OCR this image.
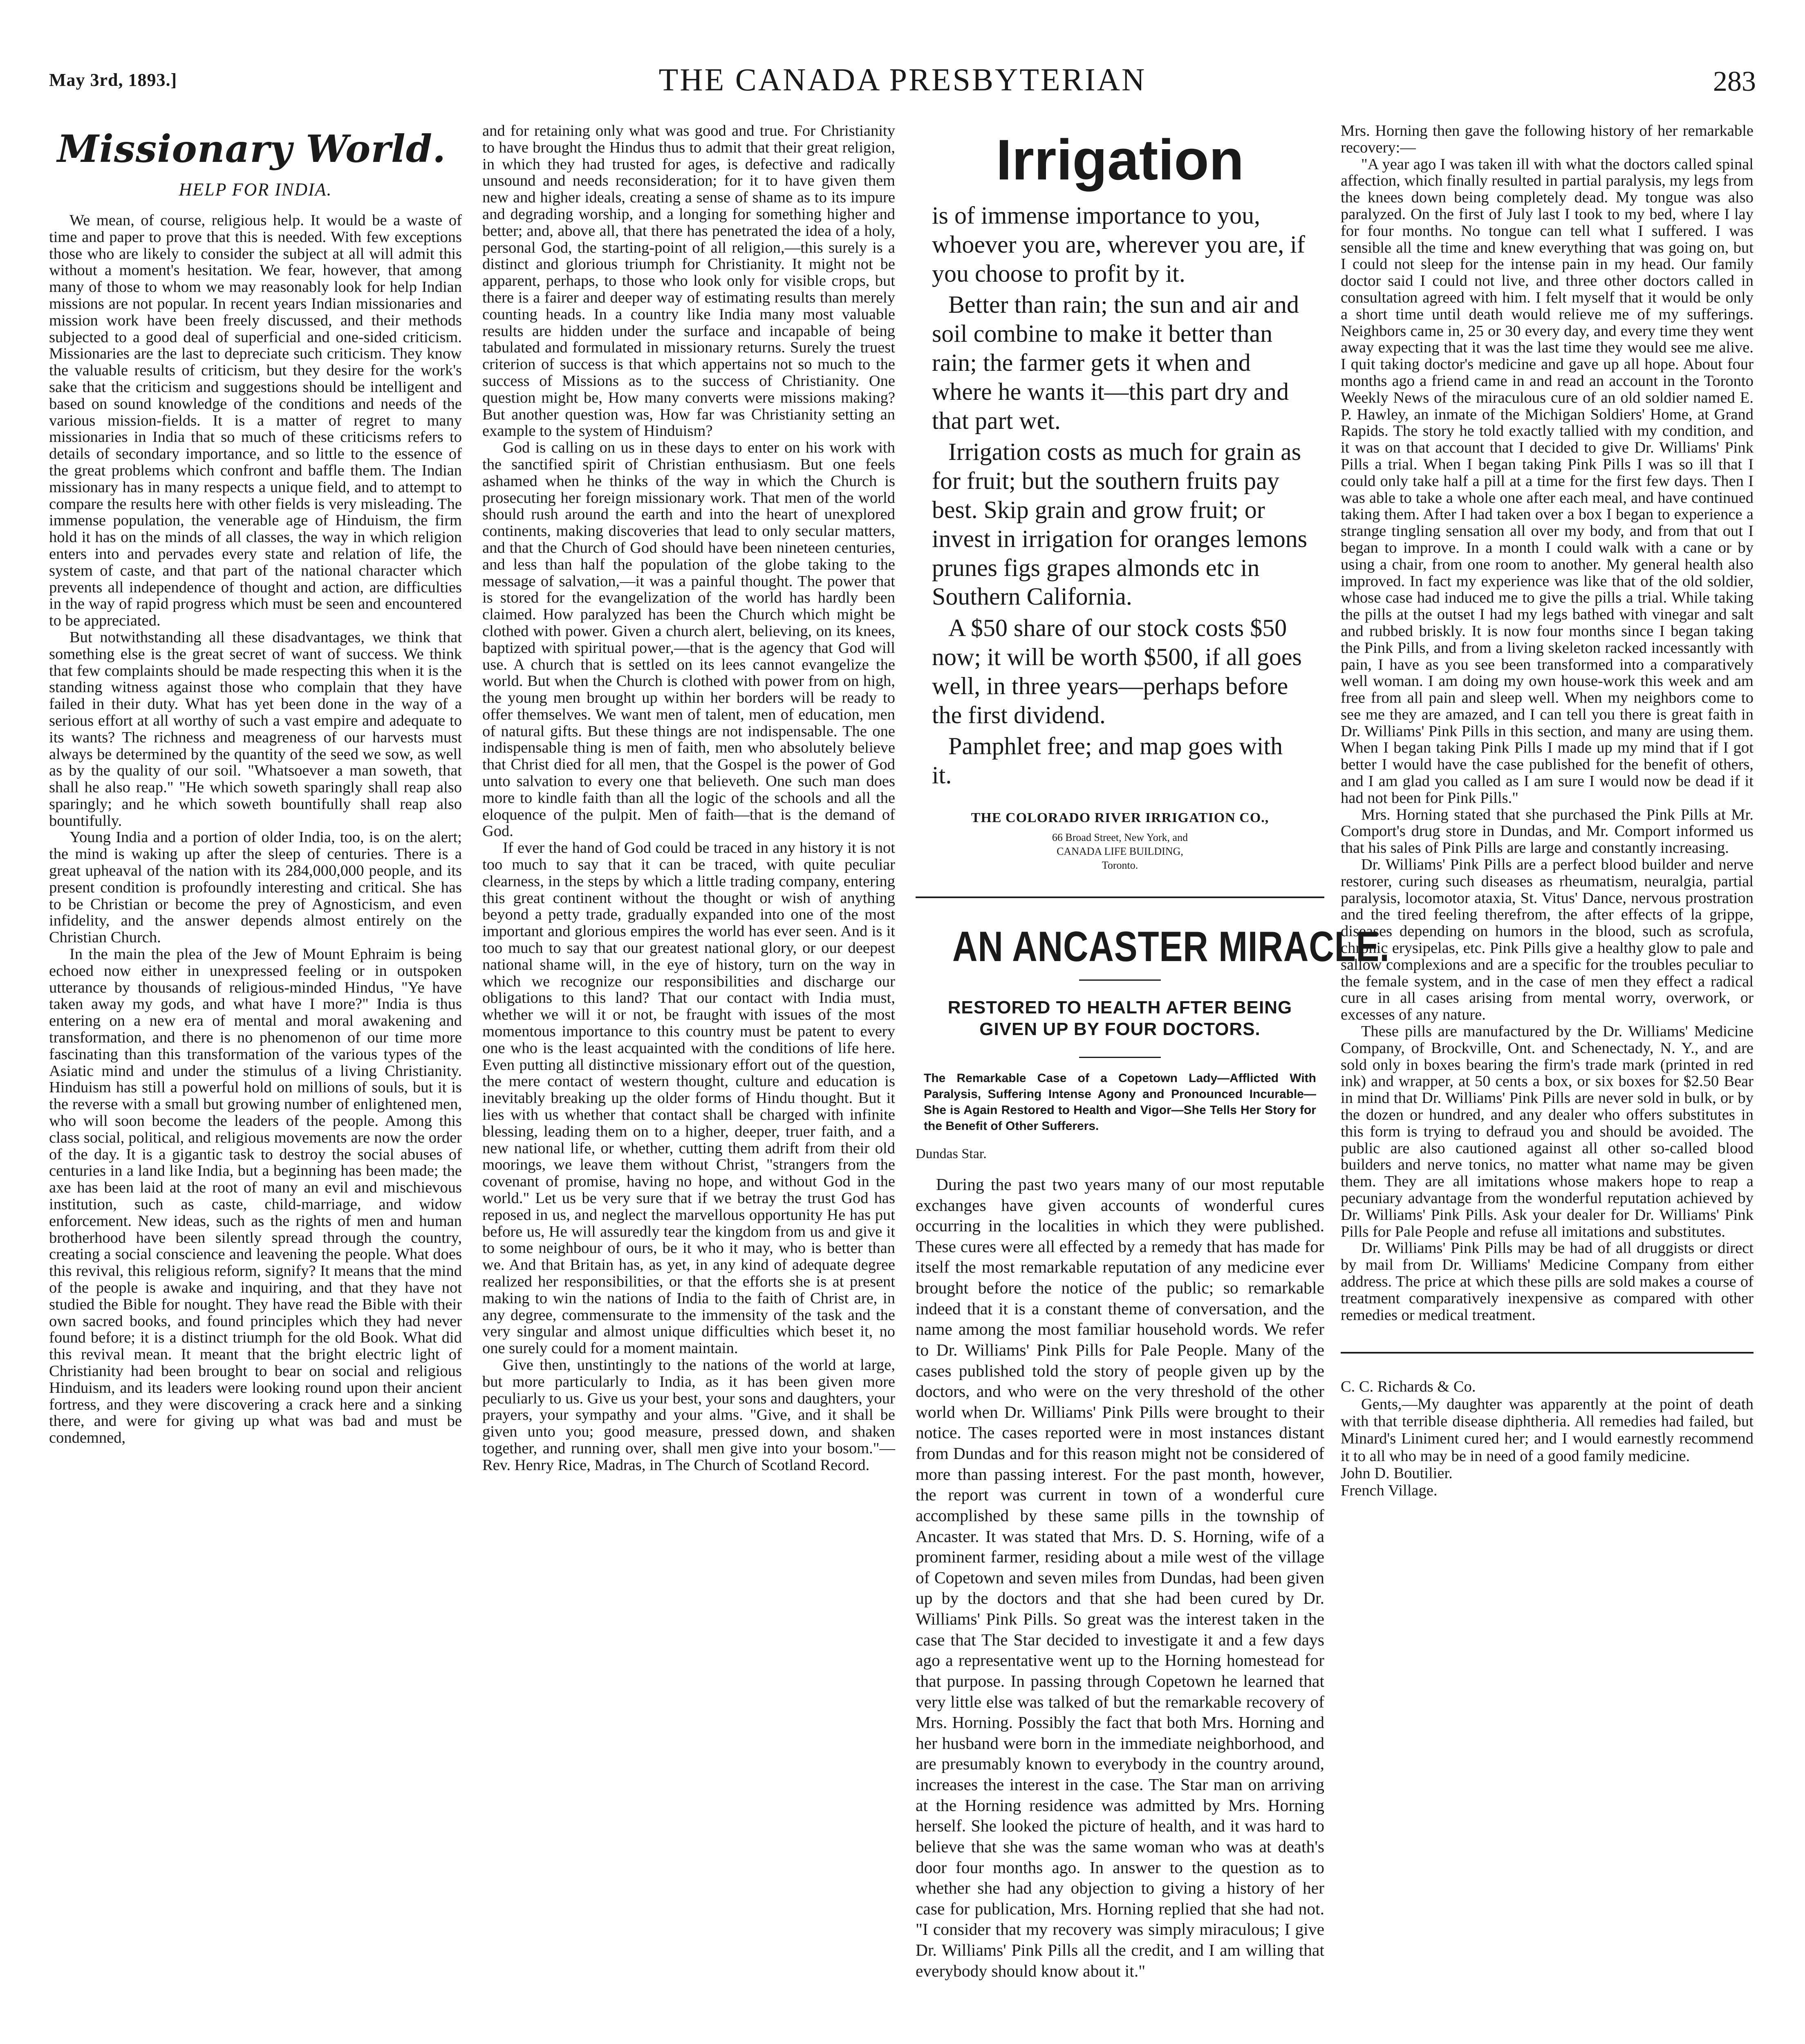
May 3rd, 1893.]	THE CANADA PRESBYTERIAN	283
Missionary World.
HELP FOR INDIA.

We mean, of course, religious help. It would be a waste of time and paper to prove that this is needed. With few exceptions those who are likely to consider the subject at all will admit this without a moment's hesitation. We fear, however, that among many of those to whom we may reasonably look for help Indian missions are not popular. In recent years Indian missionaries and mission work have been freely discussed, and their methods subjected to a good deal of superficial and one-sided criticism. Missionaries are the last to depreciate such criticism. They know the valuable results of criticism, but they desire for the work's sake that the criticism and suggestions should be intelligent and based on sound knowledge of the conditions and needs of the various mission-fields. It is a matter of regret to many missionaries in India that so much of these criticisms refers to details of secondary importance, and so little to the essence of the great problems which confront and baffle them. The Indian missionary has in many respects a unique field, and to attempt to compare the results here with other fields is very misleading. The immense population, the venerable age of Hinduism, the firm hold it has on the minds of all classes, the way in which religion enters into and pervades every state and relation of life, the system of caste, and that part of the national character which prevents all independence of thought and action, are difficulties in the way of rapid progress which must be seen and encountered to be appreciated.

But notwithstanding all these disadvantages, we think that something else is the great secret of want of success. We think that few complaints should be made respecting this when it is the standing witness against those who complain that they have failed in their duty. What has yet been done in the way of a serious effort at all worthy of such a vast empire and adequate to its wants? The richness and meagreness of our harvests must always be determined by the quantity of the seed we sow, as well as by the quality of our soil. "Whatsoever a man soweth, that shall he also reap." "He which soweth sparingly shall reap also sparingly; and he which soweth bountifully shall reap also bountifully.

Young India and a portion of older India, too, is on the alert; the mind is waking up after the sleep of centuries. There is a great upheaval of the nation with its 284,000,000 people, and its present condition is profoundly interesting and critical. She has to be Christian or become the prey of Agnosticism, and even infidelity, and the answer depends almost entirely on the Christian Church.

In the main the plea of the Jew of Mount Ephraim is being echoed now either in unexpressed feeling or in outspoken utterance by thousands of religious-minded Hindus, "Ye have taken away my gods, and what have I more?" India is thus entering on a new era of mental and moral awakening and transformation, and there is no phenomenon of our time more fascinating than this transformation of the various types of the Asiatic mind and under the stimulus of a living Christianity. Hinduism has still a powerful hold on millions of souls, but it is the reverse with a small but growing number of enlightened men, who will soon become the leaders of the people. Among this class social, political, and religious movements are now the order of the day. It is a gigantic task to destroy the social abuses of centuries in a land like India, but a beginning has been made; the axe has been laid at the root of many an evil and mischievous institution, such as caste, child-marriage, and widow enforcement. New ideas, such as the rights of men and human brotherhood have been silently spread through the country, creating a social conscience and leavening the people. What does this revival, this religious reform, signify? It means that the mind of the people is awake and inquiring, and that they have not studied the Bible for nought. They have read the Bible with their own sacred books, and found principles which they had never found before; it is a distinct triumph for the old Book. What did this revival mean. It meant that the bright electric light of Christianity had been brought to bear on social and religious Hinduism, and its leaders were looking round upon their ancient fortress, and they were discovering a crack here and a sinking there, and were for giving up what was bad and must be condemned,

and for retaining only what was good and true. For Christianity to have brought the Hindus thus to admit that their great religion, in which they had trusted for ages, is defective and radically unsound and needs reconsideration; for it to have given them new and higher ideals, creating a sense of shame as to its impure and degrading worship, and a longing for something higher and better; and, above all, that there has penetrated the idea of a holy, personal God, the starting-point of all religion,—this surely is a distinct and glorious triumph for Christianity. It might not be apparent, perhaps, to those who look only for visible crops, but there is a fairer and deeper way of estimating results than merely counting heads. In a country like India many most valuable results are hidden under the surface and incapable of being tabulated and formulated in missionary returns. Surely the truest criterion of success is that which appertains not so much to the success of Missions as to the success of Christianity. One question might be, How many converts were missions making? But another question was, How far was Christianity setting an example to the system of Hinduism?

God is calling on us in these days to enter on his work with the sanctified spirit of Christian enthusiasm. But one feels ashamed when he thinks of the way in which the Church is prosecuting her foreign missionary work. That men of the world should rush around the earth and into the heart of unexplored continents, making discoveries that lead to only secular matters, and that the Church of God should have been nineteen centuries, and less than half the population of the globe taking to the message of salvation,—it was a painful thought. The power that is stored for the evangelization of the world has hardly been claimed. How paralyzed has been the Church which might be clothed with power. Given a church alert, believing, on its knees, baptized with spiritual power,—that is the agency that God will use. A church that is settled on its lees cannot evangelize the world. But when the Church is clothed with power from on high, the young men brought up within her borders will be ready to offer themselves. We want men of talent, men of education, men of natural gifts. But these things are not indispensable. The one indispensable thing is men of faith, men who absolutely believe that Christ died for all men, that the Gospel is the power of God unto salvation to every one that believeth. One such man does more to kindle faith than all the logic of the schools and all the eloquence of the pulpit. Men of faith—that is the demand of God.

If ever the hand of God could be traced in any history it is not too much to say that it can be traced, with quite peculiar clearness, in the steps by which a little trading company, entering this great continent without the thought or wish of anything beyond a petty trade, gradually expanded into one of the most important and glorious empires the world has ever seen. And is it too much to say that our greatest national glory, or our deepest national shame will, in the eye of history, turn on the way in which we recognize our responsibilities and discharge our obligations to this land? That our contact with India must, whether we will it or not, be fraught with issues of the most momentous importance to this country must be patent to every one who is the least acquainted with the conditions of life here. Even putting all distinctive missionary effort out of the question, the mere contact of western thought, culture and education is inevitably breaking up the older forms of Hindu thought. But it lies with us whether that contact shall be charged with infinite blessing, leading them on to a higher, deeper, truer faith, and a new national life, or whether, cutting them adrift from their old moorings, we leave them without Christ, "strangers from the covenant of promise, having no hope, and without God in the world." Let us be very sure that if we betray the trust God has reposed in us, and neglect the marvellous opportunity He has put before us, He will assuredly tear the kingdom from us and give it to some neighbour of ours, be it who it may, who is better than we. And that Britain has, as yet, in any kind of adequate degree realized her responsibilities, or that the efforts she is at present making to win the nations of India to the faith of Christ are, in any degree, commensurate to the immensity of the task and the very singular and almost unique difficulties which beset it, no one surely could for a moment maintain.

Give then, unstintingly to the nations of the world at large, but more particularly to India, as it has been given more peculiarly to us. Give us your best, your sons and daughters, your prayers, your sympathy and your alms. "Give, and it shall be given unto you; good measure, pressed down, and shaken together, and running over, shall men give into your bosom."—Rev. Henry Rice, Madras, in The Church of Scotland Record.

Irrigation

is of immense importance to you, whoever you are, wherever you are, if you choose to profit by it.

Better than rain; the sun and air and soil combine to make it better than rain; the farmer gets it when and where he wants it—this part dry and that part wet.

Irrigation costs as much for grain as for fruit; but the southern fruits pay best. Skip grain and grow fruit; or invest in irrigation for oranges lemons prunes figs grapes almonds etc in Southern California.

A $50 share of our stock costs $50 now; it will be worth $500, if all goes well, in three years—perhaps before the first dividend.

Pamphlet free; and map goes with it.

THE COLORADO RIVER IRRIGATION CO.,
66 Broad Street, New York, and
CANADA LIFE BUILDING,
Toronto.
AN ANCASTER MIRACLE.
RESTORED TO HEALTH AFTER BEING GIVEN UP BY FOUR DOCTORS.
The Remarkable Case of a Copetown Lady—Afflicted With Paralysis, Suffering Intense Agony and Pronounced Incurable—She is Again Restored to Health and Vigor—She Tells Her Story for the Benefit of Other Sufferers.
Dundas Star.

During the past two years many of our most reputable exchanges have given accounts of wonderful cures occurring in the localities in which they were published. These cures were all effected by a remedy that has made for itself the most remarkable reputation of any medicine ever brought before the notice of the public; so remarkable indeed that it is a constant theme of conversation, and the name among the most familiar household words. We refer to Dr. Williams' Pink Pills for Pale People. Many of the cases published told the story of people given up by the doctors, and who were on the very threshold of the other world when Dr. Williams' Pink Pills were brought to their notice. The cases reported were in most instances distant from Dundas and for this reason might not be considered of more than passing interest. For the past month, however, the report was current in town of a wonderful cure accomplished by these same pills in the township of Ancaster. It was stated that Mrs. D. S. Horning, wife of a prominent farmer, residing about a mile west of the village of Copetown and seven miles from Dundas, had been given up by the doctors and that she had been cured by Dr. Williams' Pink Pills. So great was the interest taken in the case that The Star decided to investigate it and a few days ago a representative went up to the Horning homestead for that purpose. In passing through Copetown he learned that very little else was talked of but the remarkable recovery of Mrs. Horning. Possibly the fact that both Mrs. Horning and her husband were born in the immediate neighborhood, and are presumably known to everybody in the country around, increases the interest in the case. The Star man on arriving at the Horning residence was admitted by Mrs. Horning herself. She looked the picture of health, and it was hard to believe that she was the same woman who was at death's door four months ago. In answer to the question as to whether she had any objection to giving a history of her case for publication, Mrs. Horning replied that she had not. "I consider that my recovery was simply miraculous; I give Dr. Williams' Pink Pills all the credit, and I am willing that everybody should know about it."

Mrs. Horning then gave the following history of her remarkable recovery:—

"A year ago I was taken ill with what the doctors called spinal affection, which finally resulted in partial paralysis, my legs from the knees down being completely dead. My tongue was also paralyzed. On the first of July last I took to my bed, where I lay for four months. No tongue can tell what I suffered. I was sensible all the time and knew everything that was going on, but I could not sleep for the intense pain in my head. Our family doctor said I could not live, and three other doctors called in consultation agreed with him. I felt myself that it would be only a short time until death would relieve me of my sufferings. Neighbors came in, 25 or 30 every day, and every time they went away expecting that it was the last time they would see me alive. I quit taking doctor's medicine and gave up all hope. About four months ago a friend came in and read an account in the Toronto Weekly News of the miraculous cure of an old soldier named E. P. Hawley, an inmate of the Michigan Soldiers' Home, at Grand Rapids. The story he told exactly tallied with my condition, and it was on that account that I decided to give Dr. Williams' Pink Pills a trial. When I began taking Pink Pills I was so ill that I could only take half a pill at a time for the first few days. Then I was able to take a whole one after each meal, and have continued taking them. After I had taken over a box I began to experience a strange tingling sensation all over my body, and from that out I began to improve. In a month I could walk with a cane or by using a chair, from one room to another. My general health also improved. In fact my experience was like that of the old soldier, whose case had induced me to give the pills a trial. While taking the pills at the outset I had my legs bathed with vinegar and salt and rubbed briskly. It is now four months since I began taking the Pink Pills, and from a living skeleton racked incessantly with pain, I have as you see been transformed into a comparatively well woman. I am doing my own house-work this week and am free from all pain and sleep well. When my neighbors come to see me they are amazed, and I can tell you there is great faith in Dr. Williams' Pink Pills in this section, and many are using them. When I began taking Pink Pills I made up my mind that if I got better I would have the case published for the benefit of others, and I am glad you called as I am sure I would now be dead if it had not been for Pink Pills."

Mrs. Horning stated that she purchased the Pink Pills at Mr. Comport's drug store in Dundas, and Mr. Comport informed us that his sales of Pink Pills are large and constantly increasing.

Dr. Williams' Pink Pills are a perfect blood builder and nerve restorer, curing such diseases as rheumatism, neuralgia, partial paralysis, locomotor ataxia, St. Vitus' Dance, nervous prostration and the tired feeling therefrom, the after effects of la grippe, diseases depending on humors in the blood, such as scrofula, chronic erysipelas, etc. Pink Pills give a healthy glow to pale and sallow complexions and are a specific for the troubles peculiar to the female system, and in the case of men they effect a radical cure in all cases arising from mental worry, overwork, or excesses of any nature.

These pills are manufactured by the Dr. Williams' Medicine Company, of Brockville, Ont. and Schenectady, N. Y., and are sold only in boxes bearing the firm's trade mark (printed in red ink) and wrapper, at 50 cents a box, or six boxes for $2.50 Bear in mind that Dr. Williams' Pink Pills are never sold in bulk, or by the dozen or hundred, and any dealer who offers substitutes in this form is trying to defraud you and should be avoided. The public are also cautioned against all other so-called blood builders and nerve tonics, no matter what name may be given them. They are all imitations whose makers hope to reap a pecuniary advantage from the wonderful reputation achieved by Dr. Williams' Pink Pills. Ask your dealer for Dr. Williams' Pink Pills for Pale People and refuse all imitations and substitutes.

Dr. Williams' Pink Pills may be had of all druggists or direct by mail from Dr. Williams' Medicine Company from either address. The price at which these pills are sold makes a course of treatment comparatively inexpensive as compared with other remedies or medical treatment.

C. C. Richards & Co.

Gents,—My daughter was apparently at the point of death with that terrible disease diphtheria. All remedies had failed, but Minard's Liniment cured her; and I would earnestly recommend it to all who may be in need of a good family medicine.

John D. Boutilier.

French Village.
